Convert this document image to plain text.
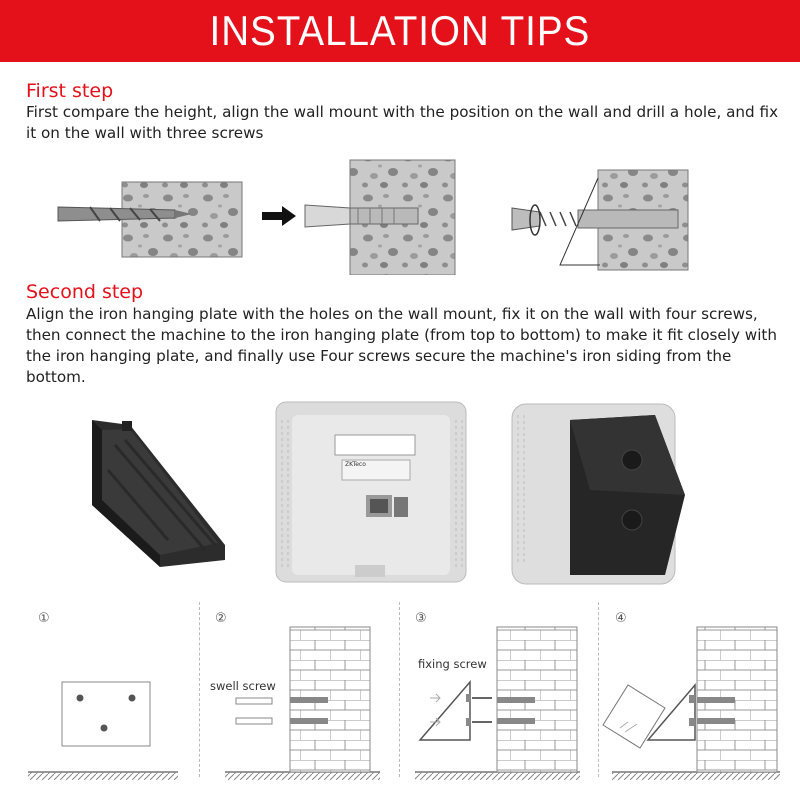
INSTALLATION TIPS
First step
First compare the height, align the wall mount with the position on the wall and drill a hole, and fix it on the wall with three screws
Second step
Align the iron hanging plate with the holes on the wall mount, fix it on the wall with four screws, then connect the machine to the iron hanging plate (from top to bottom) to make it fit closely with the iron hanging plate, and finally use Four screws secure the machine's iron siding from the bottom.
ZKTeco
①	②
swell screw
③
fixing screw
④
